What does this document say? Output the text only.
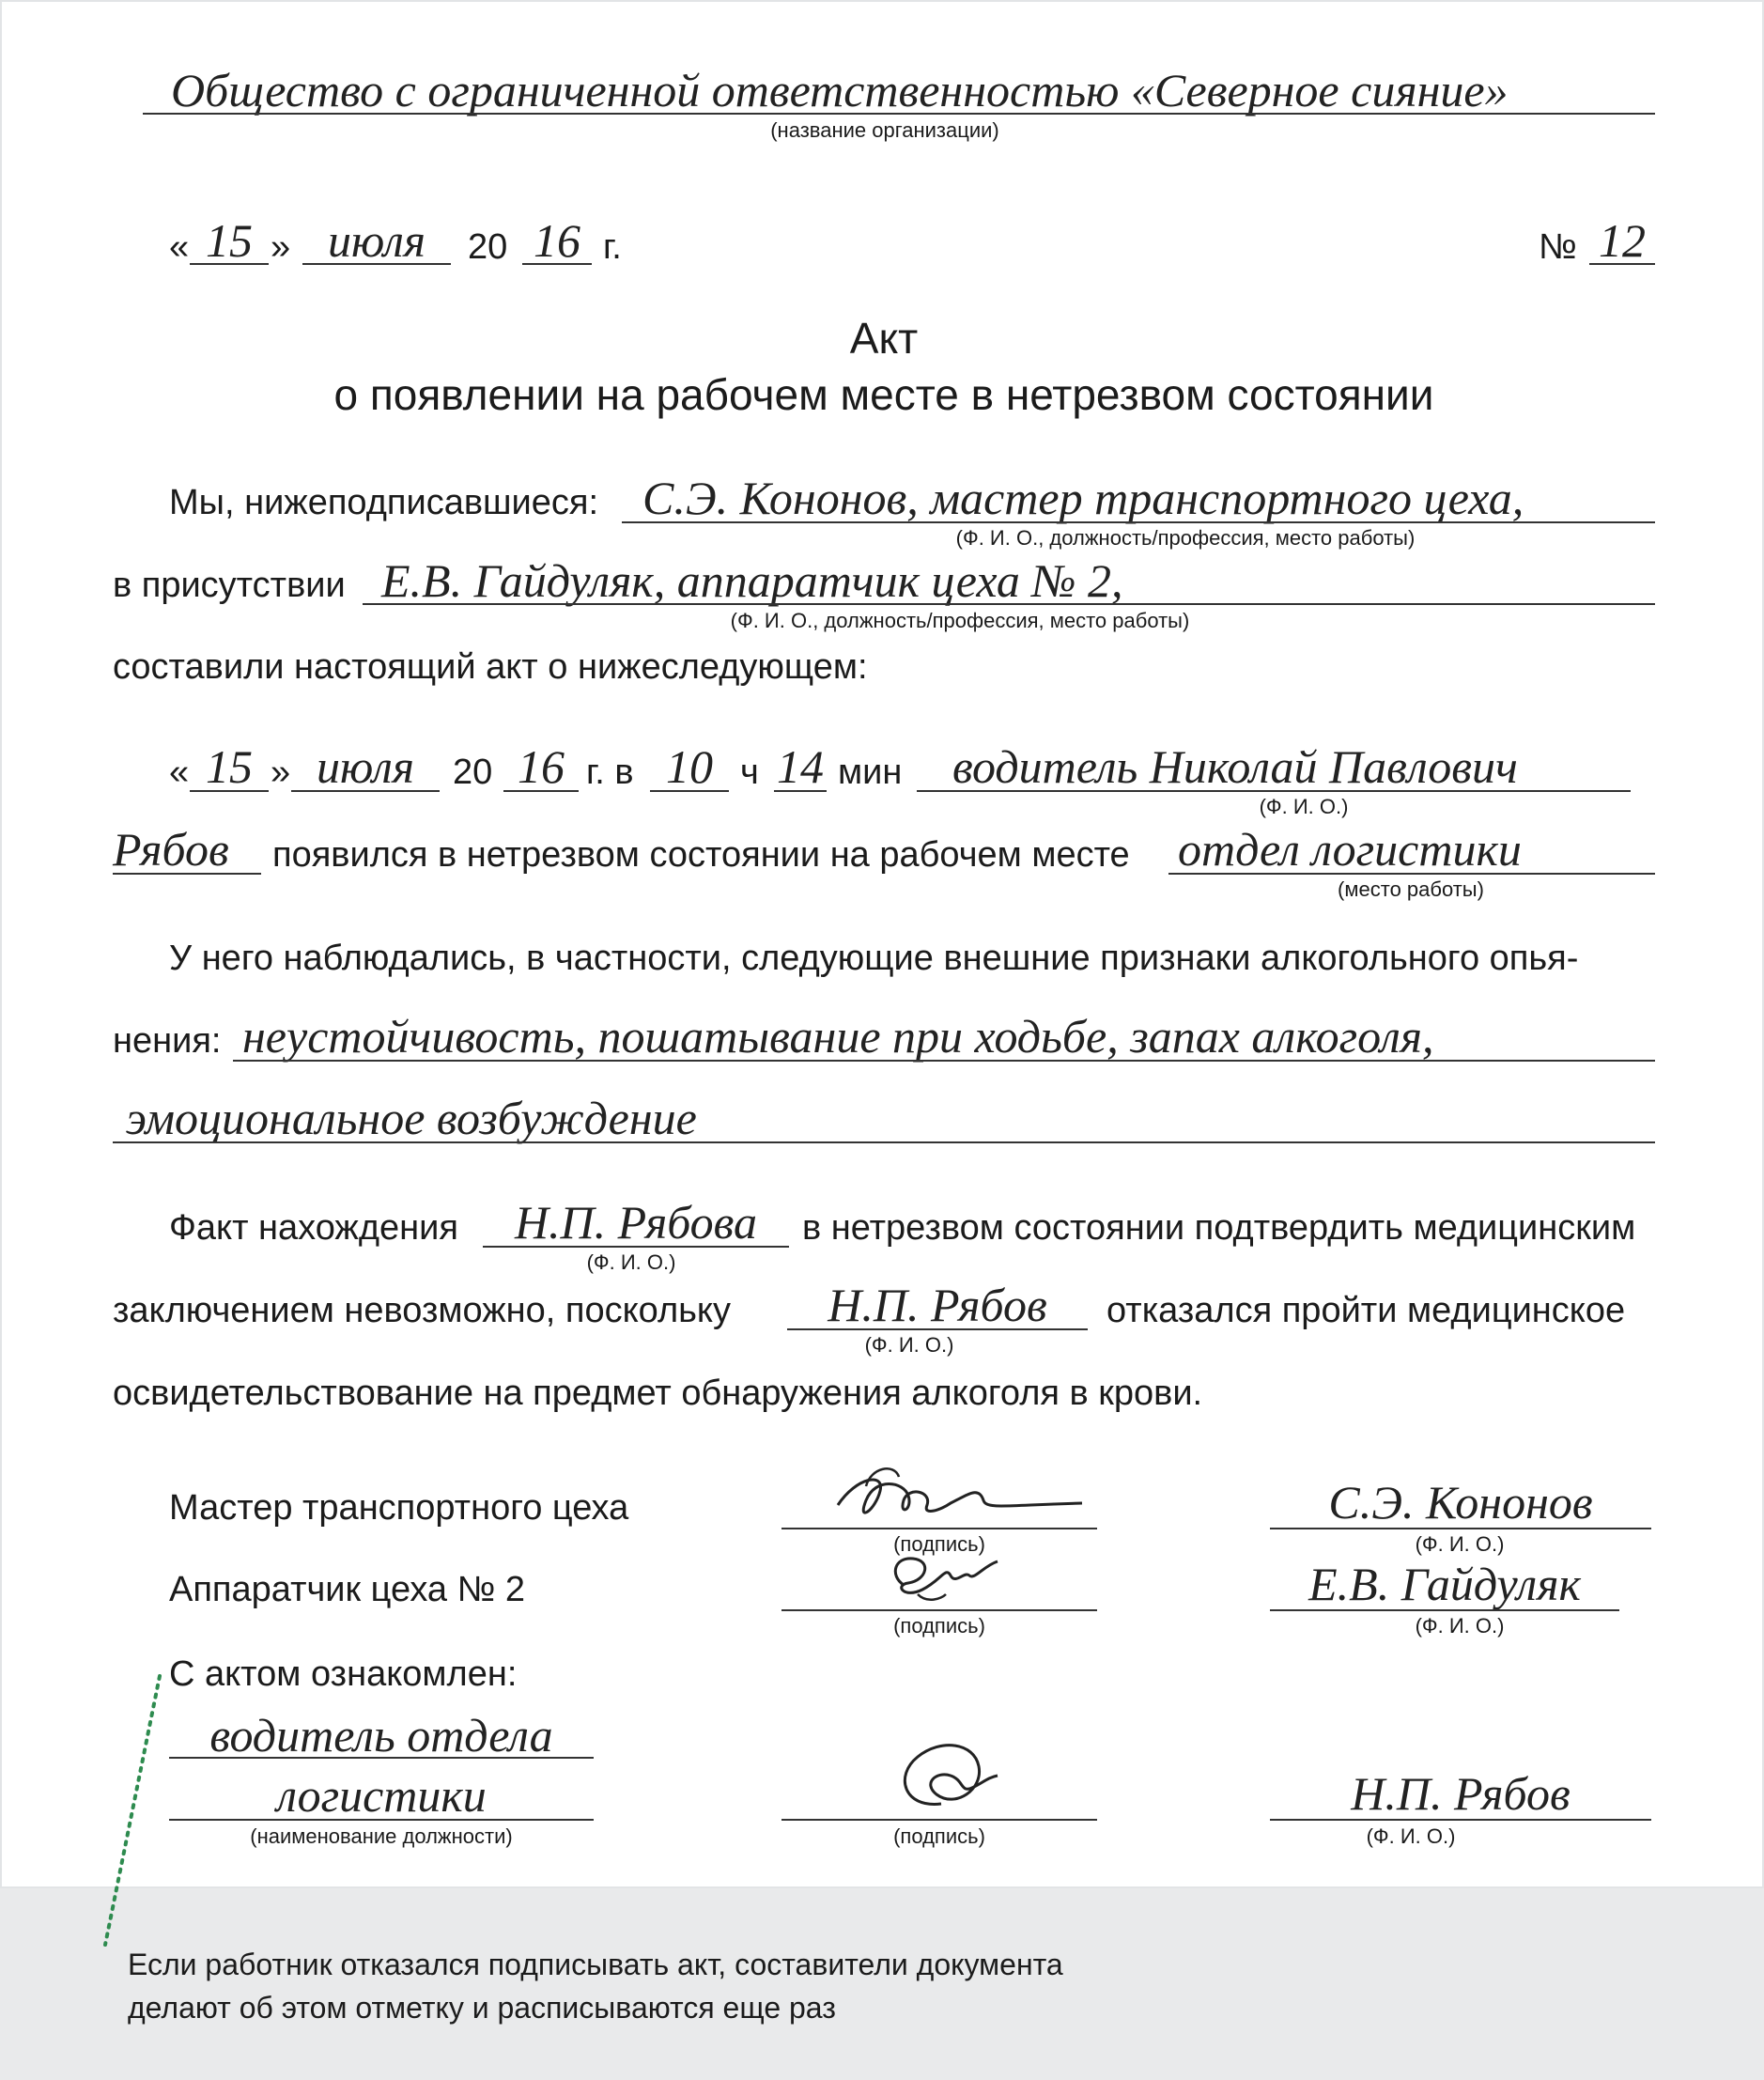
Общество с ограниченной ответственностью «Северное сияние»
(название организации)
« 15 » июля	20 16 г.	№ 12
Акт
о появлении на рабочем месте в нетрезвом состоянии
Мы, нижеподписавшиеся: С.Э. Кононов, мастер транспортного цеха,
(Ф. И. О., должность/профессия, место работы)
в присутствии Е.В. Гайдуляк, аппаратчик цеха № 2,
(Ф. И. О., должность/профессия, место работы)
составили настоящий акт о нижеследующем:
« 15 » июля	20 16 г. в 10 ч 14 мин водитель Николай Павлович
(Ф. И. О.)
Рябов появился в нетрезвом состоянии на рабочем месте отдел логистики
(место работы)
У него наблюдались, в частности, следующие внешние признаки алкогольного опья-
нения: неустойчивость, пошатывание при ходьбе, запах алкоголя,
эмоциональное возбуждение
Факт нахождения	Н.П. Рябова
(Ф. И. О.)
в нетрезвом состоянии подтвердить медицинским
заключением невозможно, поскольку	Н.П. Рябов
(Ф. И. О.)
отказался пройти медицинское
освидетельствование на предмет обнаружения алкоголя в крови.
Мастер транспортного цеха
(подпись)
С.Э. Кононов
(Ф. И. О.)
Аппаратчик цеха № 2
(подпись)
Е.В. Гайдуляк
(Ф. И. О.)
С актом ознакомлен:
водитель отдела
логистики
(наименование должности)	(подпись)
Н.П. Рябов
(Ф. И. О.)
Если работник отказался подписывать акт, составители документа
делают об этом отметку и расписываются еще раз
